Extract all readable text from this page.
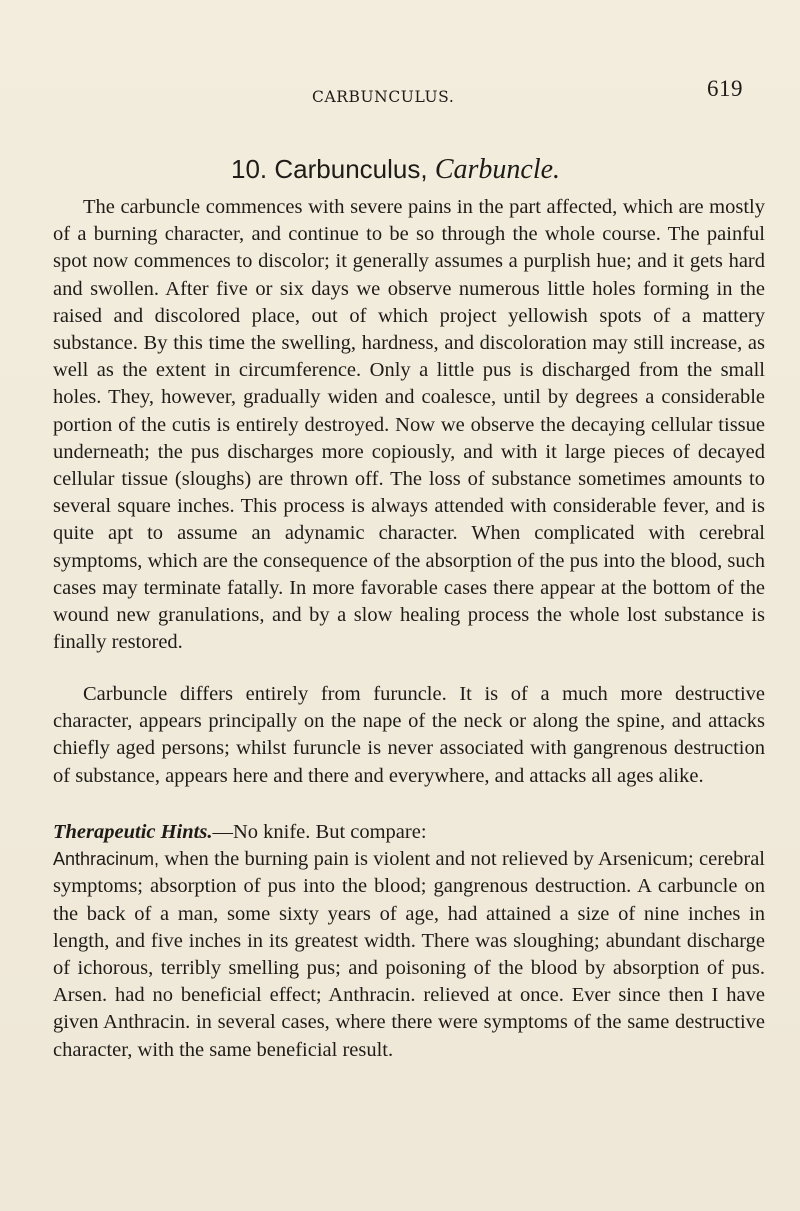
CARBUNCULUS.	619
10. Carbunculus, Carbuncle.

The carbuncle commences with severe pains in the part affected, which are mostly of a burning character, and continue to be so through the whole course. The painful spot now commences to discolor; it generally assumes a purplish hue; and it gets hard and swollen. After five or six days we observe numerous little holes forming in the raised and discolored place, out of which project yellowish spots of a mattery substance. By this time the swelling, hardness, and discoloration may still increase, as well as the extent in circumference. Only a little pus is discharged from the small holes. They, however, gradually widen and coalesce, until by degrees a considerable portion of the cutis is entirely destroyed. Now we observe the decaying cellular tissue underneath; the pus discharges more copiously, and with it large pieces of decayed cellular tissue (sloughs) are thrown off. The loss of substance sometimes amounts to several square inches. This process is always attended with considerable fever, and is quite apt to assume an adynamic character. When complicated with cerebral symptoms, which are the consequence of the absorption of the pus into the blood, such cases may terminate fatally. In more favorable cases there appear at the bottom of the wound new granulations, and by a slow healing process the whole lost substance is finally restored.

Carbuncle differs entirely from furuncle. It is of a much more destructive character, appears principally on the nape of the neck or along the spine, and attacks chiefly aged persons; whilst furuncle is never associated with gangrenous destruction of substance, appears here and there and everywhere, and attacks all ages alike.

Therapeutic Hints.—No knife. But compare:
Anthracinum, when the burning pain is violent and not relieved by Arsenicum; cerebral symptoms; absorption of pus into the blood; gangrenous destruction. A carbuncle on the back of a man, some sixty years of age, had attained a size of nine inches in length, and five inches in its greatest width. There was sloughing; abundant discharge of ichorous, terribly smelling pus; and poisoning of the blood by absorption of pus. Arsen. had no beneficial effect; Anthracin. relieved at once. Ever since then I have given Anthracin. in several cases, where there were symptoms of the same destructive character, with the same beneficial result.
